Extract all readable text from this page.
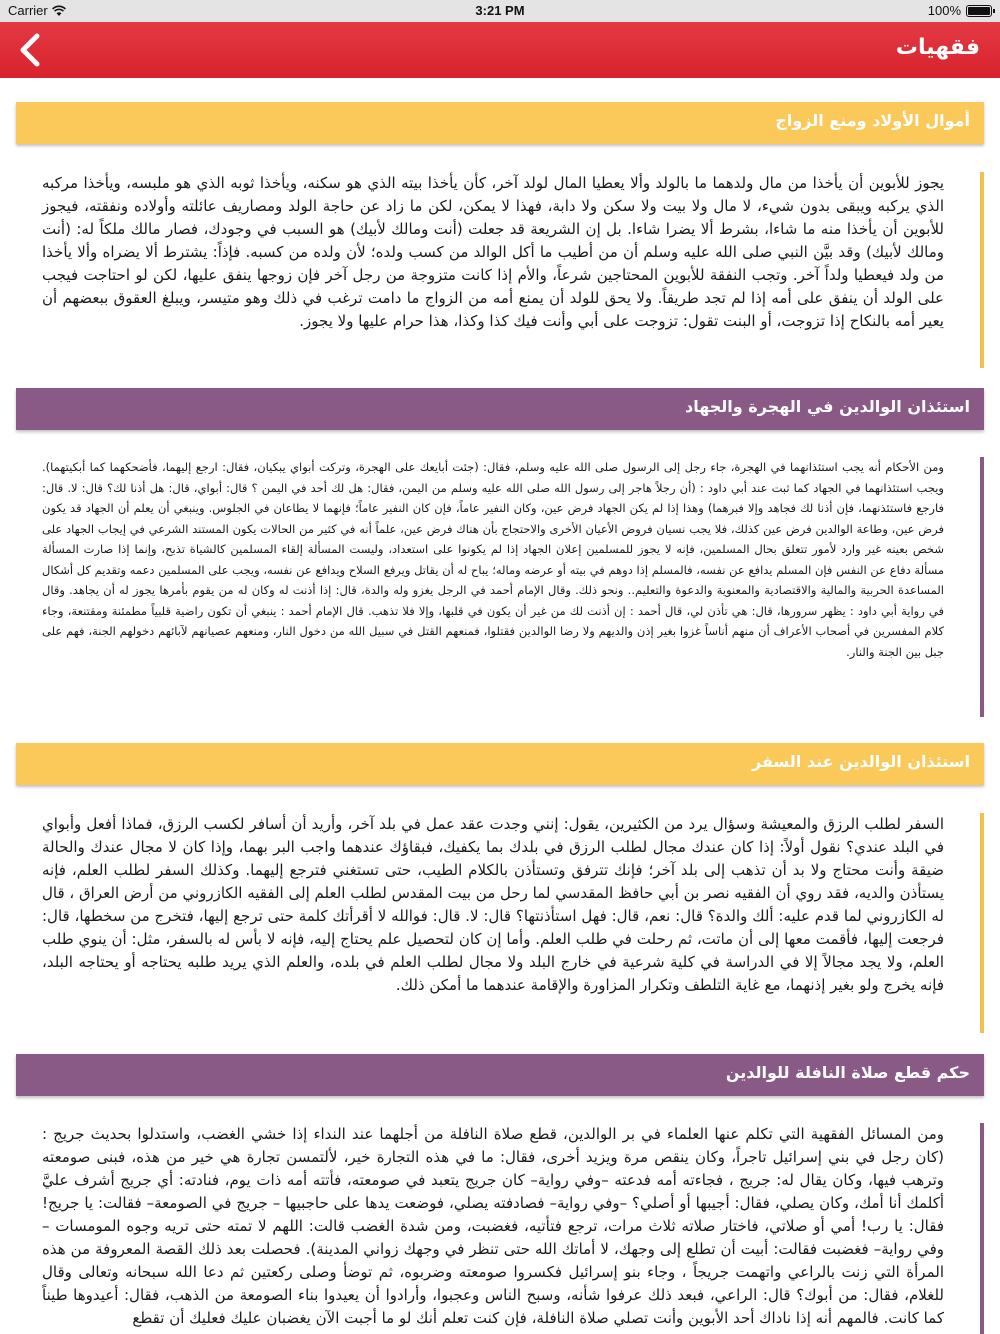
Carrier	3:21 PM	100%
فقهيات
أموال الأولاد ومنع الزواج
يجوز للأبوين أن يأخذا من مال ولدهما ما بالولد وألا يعطيا المال لولد آخر، كأن يأخذا بيته الذي هو سكنه، ويأخذا ثوبه الذي هو ملبسه، ويأخذا مركبه الذي يركبه ويبقى بدون شيء، لا مال ولا بيت ولا سكن ولا دابة، فهذا لا يمكن، لكن ما زاد عن حاجة الولد ومصاريف عائلته وأولاده ونفقته، فيجوز للأبوين أن يأخذا منه ما شاءا، بشرط ألا يضرا شاءا. بل إن الشريعة قد جعلت (أنت ومالك لأبيك) هو السبب في وجودك، فصار مالك ملكاً له: (أنت ومالك لأبيك) وقد بيَّن النبي صلى الله عليه وسلم أن من أطيب ما أكل الوالد من كسب ولده؛ لأن ولده من كسبه. فإذاً: يشترط ألا يضراه وألا يأخذا من ولد فيعطيا ولداً آخر. وتجب النفقة للأبوين المحتاجين شرعاً، والأم إذا كانت متزوجة من رجل آخر فإن زوجها ينفق عليها، لكن لو احتاجت فيجب على الولد أن ينفق على أمه إذا لم تجد طريقاً. ولا يحق للولد أن يمنع أمه من الزواج ما دامت ترغب في ذلك وهو متيسر، ويبلغ العقوق ببعضهم أن يعير أمه بالنكاح إذا تزوجت، أو البنت تقول: تزوجت على أبي وأنت فيك كذا وكذا، هذا حرام عليها ولا يجوز.
استئذان الوالدين في الهجرة والجهاد
ومن الأحكام أنه يجب استئذانهما في الهجرة، جاء رجل إلى الرسول صلى الله عليه وسلم، فقال: (جئت أبايعك على الهجرة، وتركت أبواي يبكيان، فقال: ارجع إليهما، فأضحكهما كما أبكيتهما). ويجب استئذانهما في الجهاد كما ثبت عند أبي داود : (أن رجلاً هاجر إلى رسول الله صلى الله عليه وسلم من اليمن، فقال: هل لك أحد في اليمن ؟ قال: أبواي، قال: هل أذنا لك؟ قال: لا. قال: فارجع فاستئذنهما، فإن أذنا لك فجاهد وإلا فبرهما) وهذا إذا لم يكن الجهاد فرض عين، وكان النفير عاماً، فإن كان النفير عاماً؛ فإنهما لا يطاعان في الجلوس. وينبغي أن يعلم أن الجهاد قد يكون فرض عين، وطاعة الوالدين فرض عين كذلك، فلا يجب نسيان فروض الأعيان الأخرى والاحتجاج بأن هناك فرض عين، علماً أنه في كثير من الحالات يكون المستند الشرعي في إيجاب الجهاد على شخص بعينه غير وارد لأمور تتعلق بحال المسلمين، فإنه لا يجوز للمسلمين إعلان الجهاد إذا لم يكونوا على استعداد، وليست المسألة إلقاء المسلمين كالشياة تذبح، وإنما إذا صارت المسألة مسألة دفاع عن النفس فإن المسلم يدافع عن نفسه، فالمسلم إذا دوهم في بيته أو عرضه وماله؛ يباح له أن يقاتل ويرفع السلاح ويدافع عن نفسه، ويجب على المسلمين دعمه وتقديم كل أشكال المساعدة الحربية والمالية والاقتصادية والمعنوية والدعوة والتعليم.. ونحو ذلك. وقال الإمام أحمد في الرجل يغزو وله والدة، قال: إذا أذنت له وكان له من يقوم بأمرها يجوز له أن يجاهد. وقال في رواية أبي داود : يظهر سرورها، قال: هي تأذن لي، قال أحمد : إن أذنت لك من غير أن يكون في قلبها، وإلا فلا تذهب. قال الإمام أحمد : ينبغي أن تكون راضية قلبياً مطمئنة ومقتنعة، وجاء كلام المفسرين في أصحاب الأعراف أن منهم أناساً غزوا بغير إذن والديهم ولا رضا الوالدين فقتلوا، فمنعهم القتل في سبيل الله من دخول النار، ومنعهم عصيانهم لآبائهم دخولهم الجنة، فهم على جبل بين الجنة والنار.
استئذان الوالدين عند السفر
السفر لطلب الرزق والمعيشة وسؤال يرد من الكثيرين، يقول: إنني وجدت عقد عمل في بلد آخر، وأريد أن أسافر لكسب الرزق، فماذا أفعل وأبواي في البلد عندي؟ نقول أولاً: إذا كان عندك مجال لطلب الرزق في بلدك بما يكفيك، فبقاؤك عندهما واجب البر بهما، وإذا كان لا مجال عندك والحالة ضيقة وأنت محتاج ولا بد أن تذهب إلى بلد آخر؛ فإنك تترفق وتستأذن بالكلام الطيب، حتى تستغني فترجع إليهما. وكذلك السفر لطلب العلم، فإنه يستأذن والديه، فقد روي أن الفقيه نصر بن أبي حافظ المقدسي لما رحل من بيت المقدس لطلب العلم إلى الفقيه الكازروني من أرض العراق ، قال له الكازروني لما قدم عليه: ألك والدة؟ قال: نعم، قال: فهل استأذنتها؟ قال: لا. قال: فوالله لا أقرأتك كلمة حتى ترجع إليها، فتخرج من سخطها، قال: فرجعت إليها، فأقمت معها إلى أن ماتت، ثم رحلت في طلب العلم. وأما إن كان لتحصيل علم يحتاج إليه، فإنه لا بأس له بالسفر، مثل: أن ينوي طلب العلم، ولا يجد مجالاً إلا في الدراسة في كلية شرعية في خارج البلد ولا مجال لطلب العلم في بلده، والعلم الذي يريد طلبه يحتاجه أو يحتاجه البلد، فإنه يخرج ولو بغير إذنهما، مع غاية التلطف وتكرار المزاورة والإقامة عندهما ما أمكن ذلك.
حكم قطع صلاة النافلة للوالدين
ومن المسائل الفقهية التي تكلم عنها العلماء في بر الوالدين، قطع صلاة النافلة من أجلهما عند النداء إذا خشي الغضب، واستدلوا بحديث جريج : (كان رجل في بني إسرائيل تاجراً، وكان ينقص مرة ويزيد أخرى، فقال: ما في هذه التجارة خير، لألتمسن تجارة هي خير من هذه، فبنى صومعته وترهب فيها، وكان يقال له: جريج ، فجاءته أمه فدعته –وفي رواية– كان جريج يتعبد في صومعته، فأتته أمه ذات يوم، فنادته: أي جريج أشرف عليَّ أكلمك أنا أمك، وكان يصلي، فقال: أجيبها أو أصلي؟ –وفي رواية– فصادفته يصلي، فوضعت يدها على حاجبيها – جريج في الصومعة– فقالت: يا جريج! فقال: يا رب! أمي أو صلاتي، فاختار صلاته ثلاث مرات، ترجع فتأتيه، فغضبت، ومن شدة الغضب قالت: اللهم لا تمته حتى تريه وجوه المومسات –وفي رواية– فغضبت فقالت: أبيت أن تطلع إلى وجهك، لا أماتك الله حتى تنظر في وجهك زواني المدينة). فحصلت بعد ذلك القصة المعروفة من هذه المرأة التي زنت بالراعي واتهمت جريجاً ، وجاء بنو إسرائيل فكسروا صومعته وضربوه، ثم توضأ وصلى ركعتين ثم دعا الله سبحانه وتعالى وقال للغلام، فقال: من أبوك؟ قال: الراعي، فبعد ذلك عرفوا شأنه، وسبح الناس وعجبوا، وأرادوا أن يعيدوا بناء الصومعة من الذهب، فقال: أعيدوها طيناً كما كانت. فالمهم أنه إذا ناداك أحد الأبوين وأنت تصلي صلاة النافلة، فإن كنت تعلم أنك لو ما أجبت الآن يغضبان عليك فعليك أن تقطع
